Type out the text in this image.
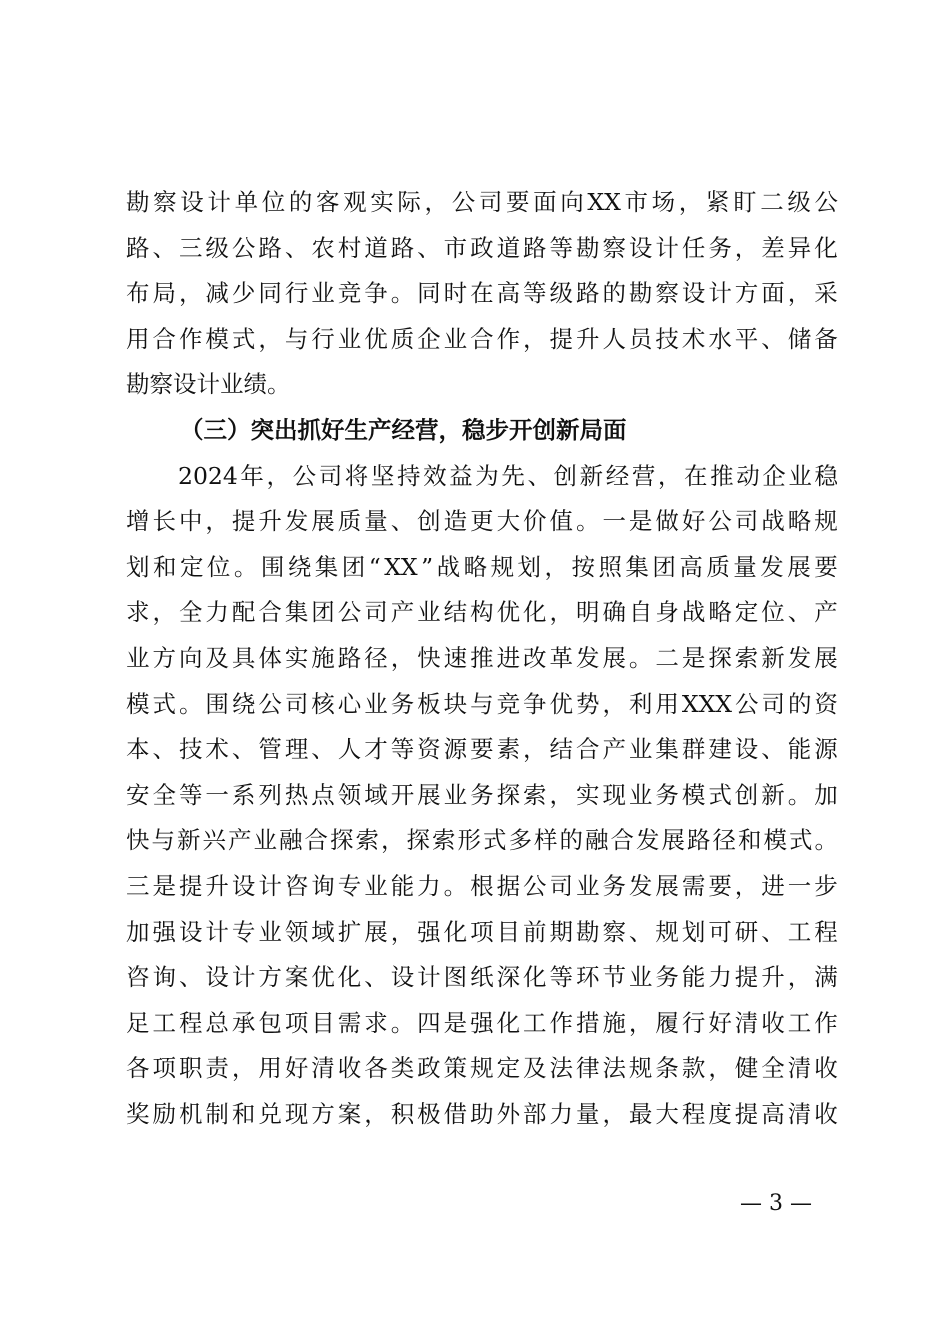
勘 察 设 计 单 位 的 客 观 实 际 ， 公 司 要 面 向 XX 市 场 ， 紧 盯 二 级 公
路 、 三 级 公 路 、 农 村 道 路 、 市 政 道 路 等 勘 察 设 计 任 务 ， 差 异 化
布 局 ， 减 少 同 行 业 竞 争 。 同 时 在 高 等 级 路 的 勘 察 设 计 方 面 ， 采
用 合 作 模 式 ， 与 行 业 优 质 企 业 合 作 ， 提 升 人 员 技 术 水 平 、 储 备
勘察设计业绩。
（三）突出抓好生产经营，稳步开创新局面
2024 年 ， 公 司 将 坚 持 效 益 为 先 、 创 新 经 营 ， 在 推 动 企 业 稳
增 长 中 ， 提 升 发 展 质 量 、 创 造 更 大 价 值 。 一 是 做 好 公 司 战 略 规
划 和 定 位 。 围 绕 集 团 “ XX ” 战 略 规 划 ， 按 照 集 团 高 质 量 发 展 要
求 ， 全 力 配 合 集 团 公 司 产 业 结 构 优 化 ， 明 确 自 身 战 略 定 位 、 产
业 方 向 及 具 体 实 施 路 径 ， 快 速 推 进 改 革 发 展 。 二 是 探 索 新 发 展
模 式 。 围 绕 公 司 核 心 业 务 板 块 与 竞 争 优 势 ， 利 用 XXX 公 司 的 资
本 、 技 术 、 管 理 、 人 才 等 资 源 要 素 ， 结 合 产 业 集 群 建 设 、 能 源
安 全 等 一 系 列 热 点 领 域 开 展 业 务 探 索 ， 实 现 业 务 模 式 创 新 。 加
快 与 新 兴 产 业 融 合 探 索 ， 探 索 形 式 多 样 的 融 合 发 展 路 径 和 模 式 。
三 是 提 升 设 计 咨 询 专 业 能 力 。 根 据 公 司 业 务 发 展 需 要 ， 进 一 步
加 强 设 计 专 业 领 域 扩 展 ， 强 化 项 目 前 期 勘 察 、 规 划 可 研 、 工 程
咨 询 、 设 计 方 案 优 化 、 设 计 图 纸 深 化 等 环 节 业 务 能 力 提 升 ， 满
足 工 程 总 承 包 项 目 需 求 。 四 是 强 化 工 作 措 施 ， 履 行 好 清 收 工 作
各 项 职 责 ， 用 好 清 收 各 类 政 策 规 定 及 法 律 法 规 条 款 ， 健 全 清 收
奖 励 机 制 和 兑 现 方 案 ， 积 极 借 助 外 部 力 量 ， 最 大 程 度 提 高 清 收
— 3 —
